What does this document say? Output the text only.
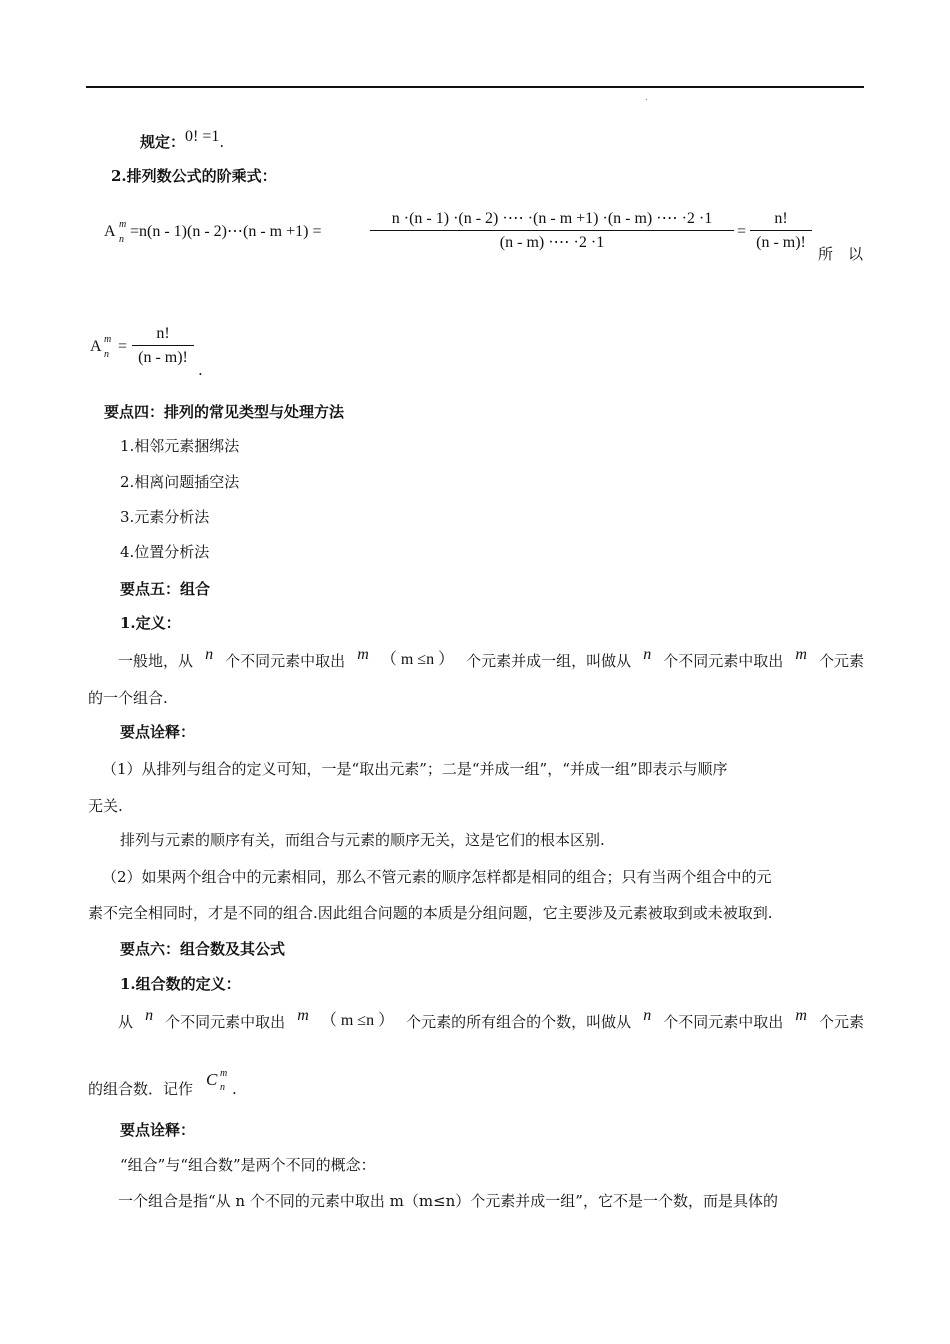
.
规定：0! =1.
2.排列数公式的阶乘式：
A m
n =n(n - 1)(n - 2)⋯(n - m +1) =
n ·(n - 1) ·(n - 2) ·⋯ ·(n - m +1) ·(n - m) ·⋯ ·2 ·1
(n - m) ·⋯ ·2 ·1
=
n!
(n - m)!
所 以
A m
n =
n!
(n - m)!
.
要点四：排列的常见类型与处理方法
1.相邻元素捆绑法
2.相离问题插空法
3.元素分析法
4.位置分析法
要点五：组合
1.定义：
一般地，从 n 个不同元素中取出 m （ m ≤n ） 个元素并成一组，叫做从 n 个不同元素中取出 m 个元素
的一个组合.
要点诠释：
（1）从排列与组合的定义可知，一是“取出元素”；二是“并成一组”，“并成一组”即表示与顺序
无关.
排列与元素的顺序有关，而组合与元素的顺序无关，这是它们的根本区别.
（2）如果两个组合中的元素相同，那么不管元素的顺序怎样都是相同的组合；只有当两个组合中的元
素不完全相同时，才是不同的组合.因此组合问题的本质是分组问题，它主要涉及元素被取到或未被取到.
要点六：组合数及其公式
1.组合数的定义：
从 n 个不同元素中取出 m （ m ≤n ） 个元素的所有组合的个数，叫做从 n 个不同元素中取出 m 个元素
的组合数．记作 C m
n .
要点诠释：
“组合”与“组合数”是两个不同的概念：
一个组合是指“从 n 个不同的元素中取出 m（m≤n）个元素并成一组”，它不是一个数，而是具体的
